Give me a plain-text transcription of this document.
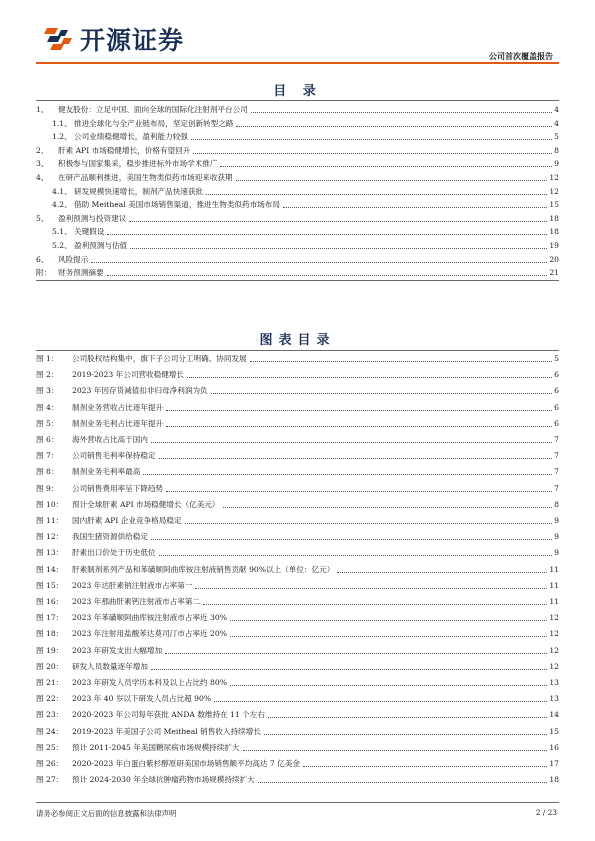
开源证券
公司首次覆盖报告
目 录
1、	健友股份：立足中国、面向全球的国际化注射剂平台公司	4
1.1、 推进全球化与全产业链布局，坚定创新转型之路	4
1.2、 公司业绩稳健增长，盈利能力较强	5
2、	肝素 API 市场稳健增长，价格有望回升	8
3、	积极参与国家集采，稳步推进标外市场学术推广	9
4、	在研产品顺利推进，美国生物类似药市场迎来收获期	12
4.1、 研发规模快速增长，制剂产品快速获批	12
4.2、 借助 Meitheal 美国市场销售渠道，推进生物类似药市场布局	15
5、	盈利预测与投资建议	18
5.1、 关键假设	18
5.2、 盈利预测与估值	19
6、	风险提示	20
附： 财务预测摘要	21
图表目录
图 1：	公司股权结构集中，旗下子公司分工明确、协同发展	5
图 2：	2019-2023 年公司营收稳健增长	6
图 3：	2023 年因存货减值扣非归母净利润为负	6
图 4：	制剂业务营收占比逐年提升	6
图 5：	制剂业务毛利占比逐年提升	6
图 6：	海外营收占比高于国内	7
图 7：	公司销售毛利率保持稳定	7
图 8：	制剂业务毛利率最高	7
图 9：	公司销售费用率呈下降趋势	7
图 10：	预计全球肝素 API 市场稳健增长（亿美元）	8
图 11：	国内肝素 API 企业竞争格局稳定	9
图 12：	我国生猪资源供给稳定	9
图 13：	肝素出口价处于历史低位	9
图 14：	肝素制剂系列产品和苯磺顺阿曲库铵注射液销售贡献 90%以上（单位：亿元）	11
图 15：	2023 年达肝素钠注射液市占率第一	11
图 16：	2023 年那曲肝素钙注射液市占率第二	11
图 17：	2023 年苯磺顺阿曲库铵注射液市占率近 30%	12
图 18：	2023 年注射用盐酸苯达莫司汀市占率近 20%	12
图 19：	2023 年研发支出大幅增加	12
图 20：	研发人员数量逐年增加	12
图 21：	2023 年研发人员学历本科及以上占比约 80%	13
图 22：	2023 年 40 岁以下研发人员占比超 90%	13
图 23：	2020-2023 年公司每年获批 ANDA 数维持在 11 个左右	14
图 24：	2019-2023 年美国子公司 Meitheal 销售收入持续增长	15
图 25：	预计 2011-2045 年美国糖尿病市场规模持续扩大	16
图 26：	2020-2023 年白蛋白紫杉醇原研美国市场销售额平均高达 7 亿美金	17
图 27：	预计 2024-2030 年全球抗肿瘤药物市场规模持续扩大	18
请务必参阅正文后面的信息披露和法律声明	2 / 23
